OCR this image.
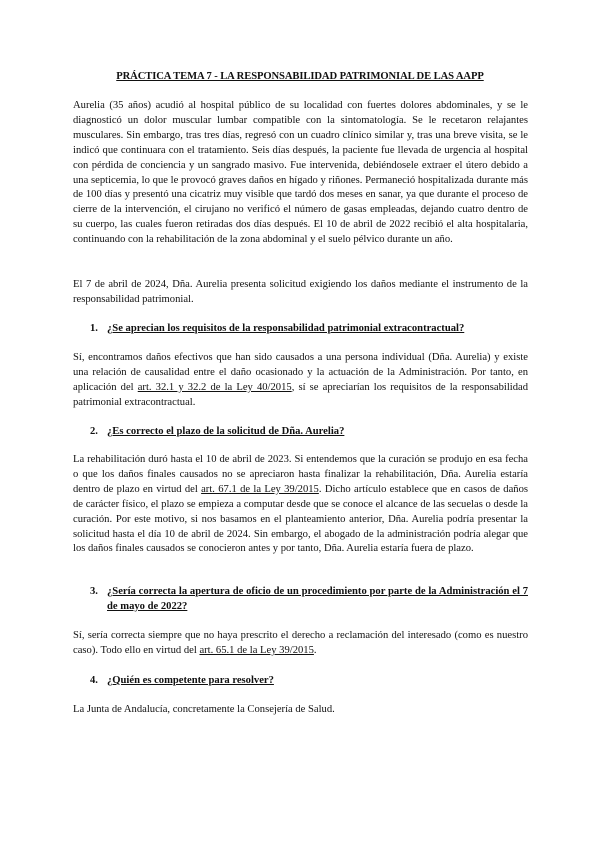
PRÁCTICA TEMA 7 - LA RESPONSABILIDAD PATRIMONIAL DE LAS AAPP

Aurelia (35 años) acudió al hospital público de su localidad con fuertes dolores abdominales, y se le diagnosticó un dolor muscular lumbar compatible con la sintomatología. Se le recetaron relajantes musculares. Sin embargo, tras tres días, regresó con un cuadro clínico similar y, tras una breve visita, se le indicó que continuara con el tratamiento. Seis días después, la paciente fue llevada de urgencia al hospital con pérdida de conciencia y un sangrado masivo. Fue intervenida, debiéndosele extraer el útero debido a una septicemia, lo que le provocó graves daños en hígado y riñones. Permaneció hospitalizada durante más de 100 días y presentó una cicatriz muy visible que tardó dos meses en sanar, ya que durante el proceso de cierre de la intervención, el cirujano no verificó el número de gasas empleadas, dejando cuatro dentro de su cuerpo, las cuales fueron retiradas dos días después. El 10 de abril de 2022 recibió el alta hospitalaria, continuando con la rehabilitación de la zona abdominal y el suelo pélvico durante un año.

El 7 de abril de 2024, Dña. Aurelia presenta solicitud exigiendo los daños mediante el instrumento de la responsabilidad patrimonial.

1. ¿Se aprecian los requisitos de la responsabilidad patrimonial extracontractual?

Sí, encontramos daños efectivos que han sido causados a una persona individual (Dña. Aurelia) y existe una relación de causalidad entre el daño ocasionado y la actuación de la Administración. Por tanto, en aplicación del art. 32.1 y 32.2 de la Ley 40/2015, sí se apreciarían los requisitos de la responsabilidad patrimonial extracontractual.

2. ¿Es correcto el plazo de la solicitud de Dña. Aurelia?

La rehabilitación duró hasta el 10 de abril de 2023. Si entendemos que la curación se produjo en esa fecha o que los daños finales causados no se apreciaron hasta finalizar la rehabilitación, Dña. Aurelia estaría dentro de plazo en virtud del art. 67.1 de la Ley 39/2015. Dicho artículo establece que en casos de daños de carácter físico, el plazo se empieza a computar desde que se conoce el alcance de las secuelas o desde la curación. Por este motivo, si nos basamos en el planteamiento anterior, Dña. Aurelia podría presentar la solicitud hasta el día 10 de abril de 2024. Sin embargo, el abogado de la administración podría alegar que los daños finales causados se conocieron antes y por tanto, Dña. Aurelia estaría fuera de plazo.

3. ¿Sería correcta la apertura de oficio de un procedimiento por parte de la Administración el 7 de mayo de 2022?

Sí, sería correcta siempre que no haya prescrito el derecho a reclamación del interesado (como es nuestro caso). Todo ello en virtud del art. 65.1 de la Ley 39/2015.

4. ¿Quién es competente para resolver?

La Junta de Andalucía, concretamente la Consejería de Salud.
